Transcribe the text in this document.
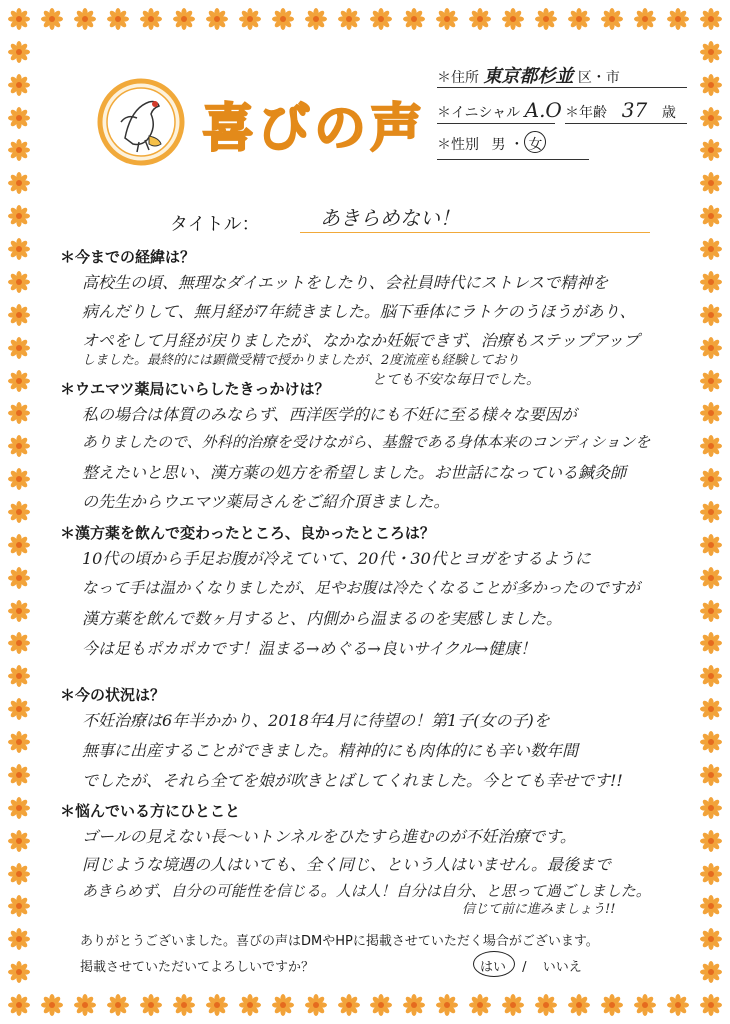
喜びの声
＊住所 東京都杉並 区・市
＊イニシャル A.O ＊年齢 37 歳
＊性別 男 ・ 女
タイトル：	あきらめない！
＊今までの経緯は？
高校生の頃、無理なダイエットをしたり、会社員時代にストレスで精神を
病んだりして、無月経が7年続きました。脳下垂体にラトケのうほうがあり、
オペをして月経が戻りましたが、なかなか妊娠できず、治療もステップアップ
しました。最終的には顕微受精で授かりましたが、2度流産も経験しており
とても不安な毎日でした。
＊ウエマツ薬局にいらしたきっかけは？
私の場合は体質のみならず、西洋医学的にも不妊に至る様々な要因が
ありましたので、外科的治療を受けながら、基盤である身体本来のコンディションを
整えたいと思い、漢方薬の処方を希望しました。お世話になっている鍼灸師
の先生からウエマツ薬局さんをご紹介頂きました。
＊漢方薬を飲んで変わったところ、良かったところは？
10代の頃から手足お腹が冷えていて、20代・30代とヨガをするように
なって手は温かくなりましたが、足やお腹は冷たくなることが多かったのですが
漢方薬を飲んで数ヶ月すると、内側から温まるのを実感しました。
今は足もポカポカです！温まる→めぐる→良いサイクル→健康！
＊今の状況は？
不妊治療は6年半かかり、2018年4月に待望の！第1子(女の子)を
無事に出産することができました。精神的にも肉体的にも辛い数年間
でしたが、それら全てを娘が吹きとばしてくれました。今とても幸せです!!
＊悩んでいる方にひとこと
ゴールの見えない長〜いトンネルをひたすら進むのが不妊治療です。
同じような境遇の人はいても、全く同じ、という人はいません。最後まで
あきらめず、自分の可能性を信じる。人は人！自分は自分、と思って過ごしました。
信じて前に進みましょう!!
ありがとうございました。喜びの声はDMやHPに掲載させていただく場合がございます。
掲載させていただいてよろしいですか？	はい / いいえ
